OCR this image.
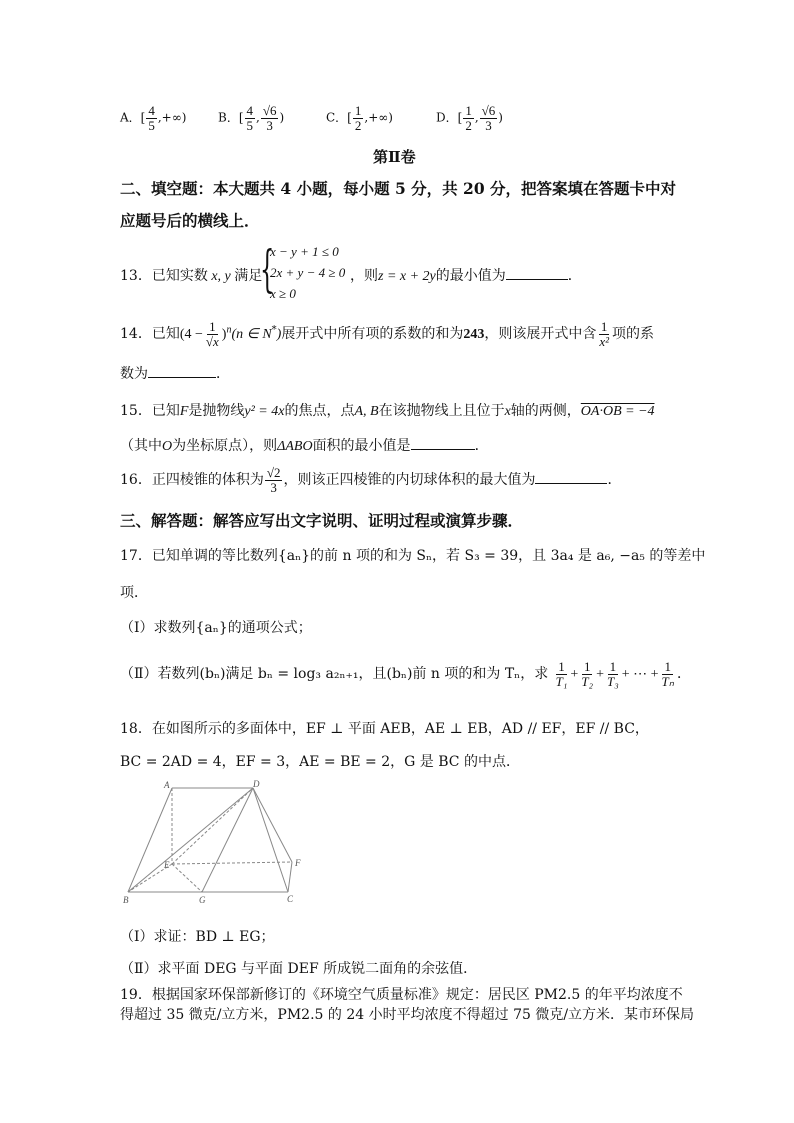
A．[ $\frac{4}{5}$ ,+∞)	B．[ $\frac{4}{5}$ , $\frac{√6}{3}$ )	C．[ $\frac{1}{2}$ ,+∞)	D．[ $\frac{1}{2}$ , $\frac{√6}{3}$ )
第Ⅱ卷
二、填空题：本大题共 4 小题，每小题 5 分，共 20 分，把答案填在答题卡中对
应题号后的横线上．
13．已知实数 x, y 满足
{
x − y + 1 ≤ 0
2x + y − 4 ≥ 0
x ≥ 0
，则z = x + 2y的最小值为	．
14．已知$(4 - \frac{1}{√x} )^n(n$ ∈ N*)展开式中所有项的系数的和为243，则该展开式中含 $\frac{1}{\text{x²}}$ 项的系
数为	．
15．已知F是抛物线y² = 4x的焦点，点A, B在该抛物线上且位于x轴的两侧，OA·OB = −4
（其中O为坐标原点），则ΔABO面积的最小值是	．
16．正四棱锥的体积为 $\frac{√2}{3}$ ，则该正四棱锥的内切球体积的最大值为	．
三、解答题：解答应写出文字说明、证明过程或演算步骤．
17．已知单调的等比数列{aₙ}的前 n 项的和为 Sₙ，若 S₃ = 39，且 3a₄ 是 a₆, −a₅ 的等差中
项．
（Ⅰ）求数列{aₙ}的通项公式；
（Ⅱ）若数列(bₙ)满足 bₙ = log₃ a₂ₙ₊₁，且(bₙ)前 n 项的和为 Tₙ，求 $\frac{1}{\text{T₁}} + \frac{1}{\text{T₂}} + \frac{1}{\text{T₃}}$ + ⋯ + $\frac{1}{\text{Tₙ}}$ ．
18．在如图所示的多面体中，EF ⊥ 平面 AEB，AE ⊥ EB，AD // EF，EF // BC，
BC = 2AD = 4，EF = 3，AE = BE = 2，G 是 BC 的中点．
A	D
E	F
B	G	C
（Ⅰ）求证：BD ⊥ EG；
（Ⅱ）求平面 DEG 与平面 DEF 所成锐二面角的余弦值．
19．根据国家环保部新修订的《环境空气质量标准》规定：居民区 PM2.5 的年平均浓度不
得超过 35 微克/立方米，PM2.5 的 24 小时平均浓度不得超过 75 微克/立方米．某市环保局
